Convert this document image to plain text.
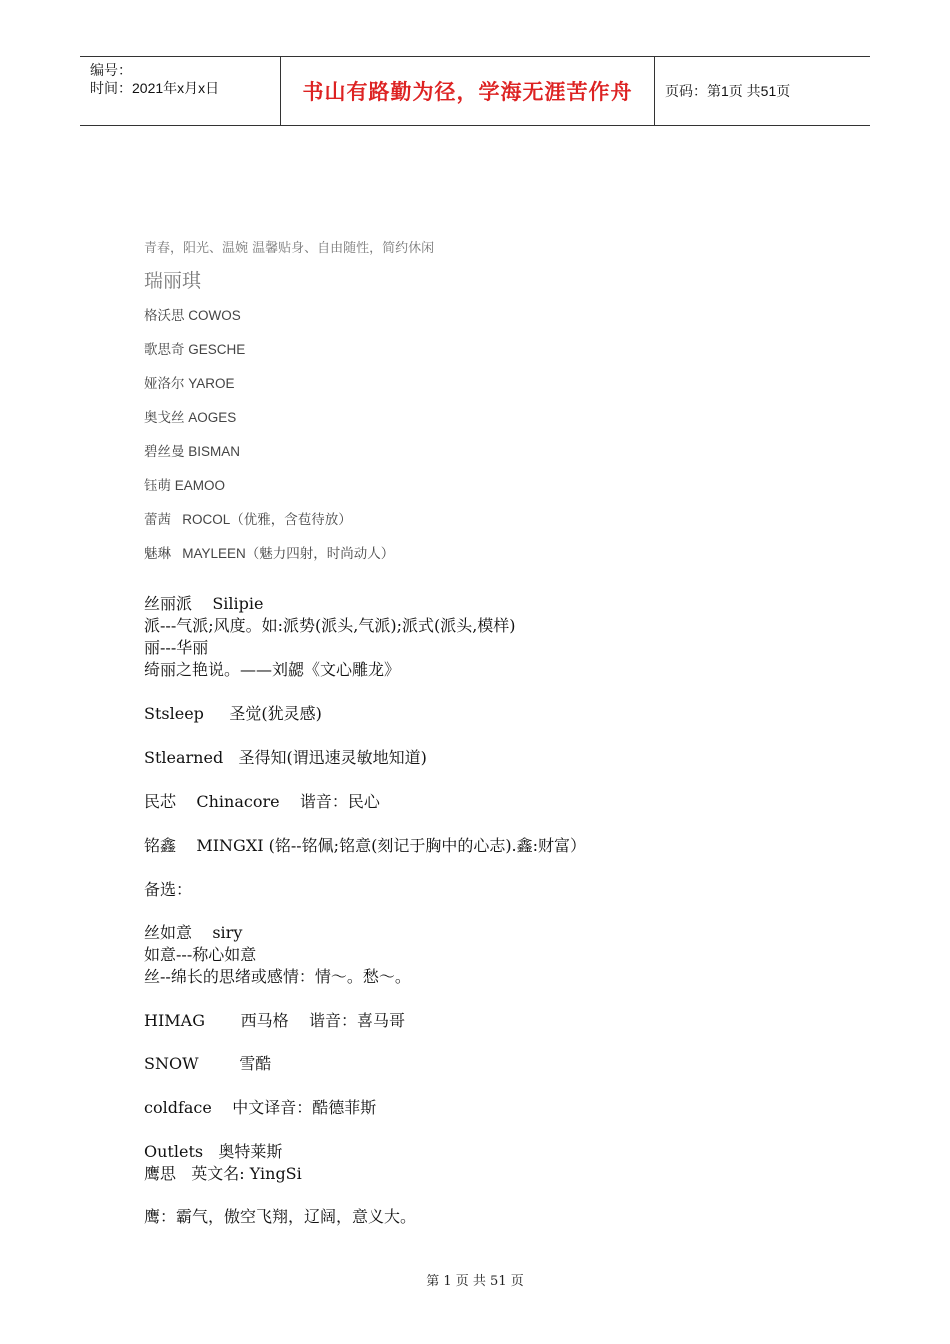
编号：
时间：2021年x月x日	书山有路勤为径，学海无涯苦作舟	页码：第1页 共51页
青春，阳光、温婉 温馨贴身、自由随性，简约休闲
瑞丽琪
格沃思 COWOS
歌思奇 GESCHE
娅洛尔 YAROE
奥戈丝 AOGES
碧丝曼 BISMAN
钰萌 EAMOO
蕾茜   ROCOL（优雅，含苞待放）
魅琳   MAYLEEN（魅力四射，时尚动人）
丝丽派    Silipie
派---气派;风度。如:派势(派头,气派);派式(派头,模样)
丽---华丽
绮丽之艳说。——刘勰《文心雕龙》
Stsleep     圣觉(犹灵感)
Stlearned   圣得知(谓迅速灵敏地知道)
民芯    Chinacore    谐音：民心
铭鑫    MINGXI (铭--铭佩;铭意(刻记于胸中的心志).鑫:财富）
备选：
丝如意    siry
如意---称心如意
丝--绵长的思绪或感情：情～。愁～。
HIMAG       西马格    谐音：喜马哥
SNOW        雪酷
coldface    中文译音：酷德菲斯
Outlets   奥特莱斯
鹰思   英文名: YingSi
鹰：霸气，傲空飞翔，辽阔，意义大。
第 1 页 共 51 页
